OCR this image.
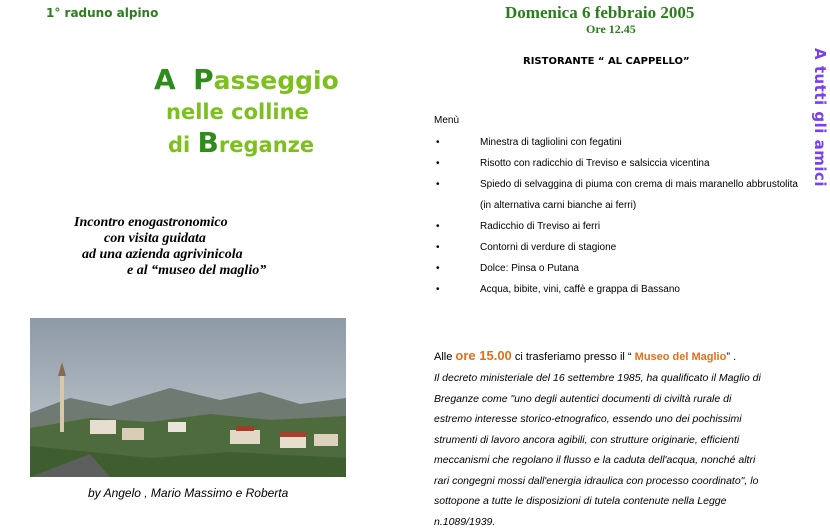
1° raduno alpino
A Passeggio
nelle colline
di Breganze
Incontro enogastronomico
con visita guidata
ad una azienda agrivinicola
e al “museo del maglio”
by Angelo , Mario Massimo e Roberta
Domenica 6 febbraio 2005
Ore 12.45
RISTORANTE “ AL CAPPELLO”	A tutti gli amici
Menù
• Minestra di tagliolini con fegatini
• Risotto con radicchio di Treviso e salsiccia vicentina
• Spiedo di selvaggina di piuma con crema di mais maranello abbrustolita (in alternativa carni bianche ai ferri)
• Radicchio di Treviso ai ferri
• Contorni di verdure di stagione
• Dolce: Pinsa o Putana
• Acqua, bibite, vini, caffè e grappa di Bassano
Alle ore 15.00 ci trasferiamo presso il “ Museo del Maglio” .
Il decreto ministeriale del 16 settembre 1985, ha qualificato il Maglio di
Breganze come "uno degli autentici documenti di civiltà rurale di
estremo interesse storico-etnografico, essendo uno dei pochissimi
strumenti di lavoro ancora agibili, con strutture originarie, efficienti
meccanismi che regolano il flusso e la caduta dell'acqua, nonché altri
rari congegni mossi dall'energia idraulica con processo coordinato", lo
sottopone a tutte le disposizioni di tutela contenute nella Legge
n.1089/1939.
